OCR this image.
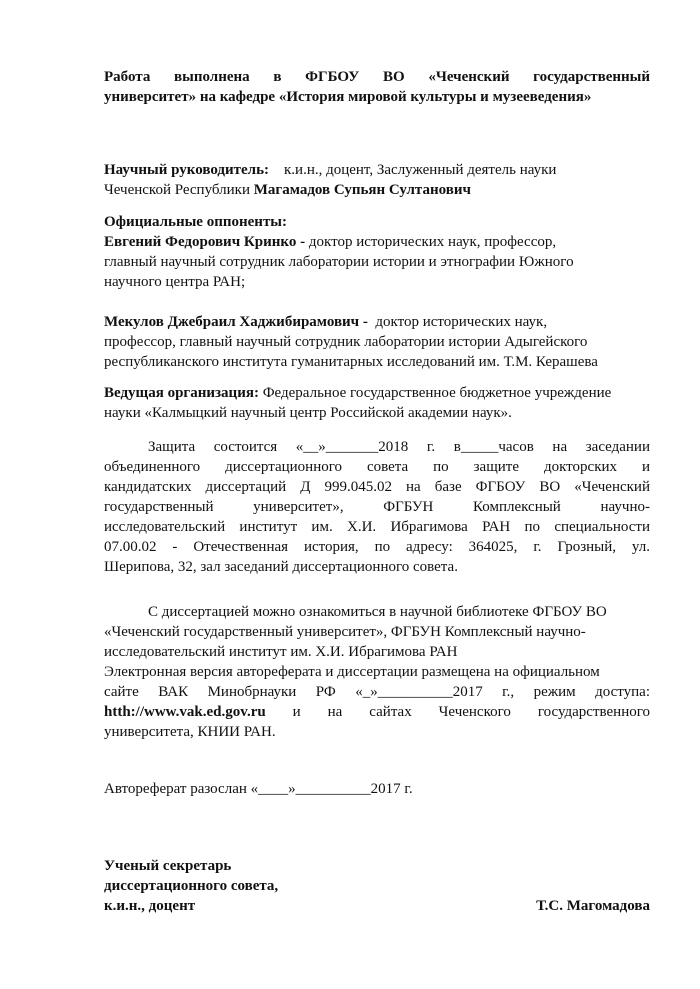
Работа выполнена в ФГБОУ ВО «Чеченский государственный
университет» на кафедре «История мировой культуры и музееведения»
Научный руководитель: к.и.н., доцент, Заслуженный деятель науки
Чеченской Республики Магамадов Супьян Султанович
Официальные оппоненты:
Евгений Федорович Кринко - доктор исторических наук, профессор,
главный научный сотрудник лаборатории истории и этнографии Южного
научного центра РАН;
Мекулов Джебраил Хаджибирамович - доктор исторических наук,
профессор, главный научный сотрудник лаборатории истории Адыгейского
республиканского института гуманитарных исследований им. Т.М. Керашева
Ведущая организация: Федеральное государственное бюджетное учреждение
науки «Калмыцкий научный центр Российской академии наук».
Защита состоится «__»_______2018 г. в_____часов на заседании
объединенного диссертационного совета по защите докторских и
кандидатских диссертаций Д 999.045.02 на базе ФГБОУ ВО «Чеченский
государственный университет», ФГБУН Комплексный научно-
исследовательский институт им. Х.И. Ибрагимова РАН по специальности
07.00.02 - Отечественная история, по адресу: 364025, г. Грозный, ул.
Шерипова, 32, зал заседаний диссертационного совета.
С диссертацией можно ознакомиться в научной библиотеке ФГБОУ ВО
«Чеченский государственный университет», ФГБУН Комплексный научно-
исследовательский институт им. Х.И. Ибрагимова РАН
Электронная версия автореферата и диссертации размещена на официальном
сайте ВАК Минобрнауки РФ «_»__________2017 г., режим доступа:
htth://www.vak.ed.gov.ru и на сайтах Чеченского государственного
университета, КНИИ РАН.
Автореферат разослан «____»__________2017 г.
Ученый секретарь
диссертационного совета,
к.и.н., доцент	Т.С. Магомадова
